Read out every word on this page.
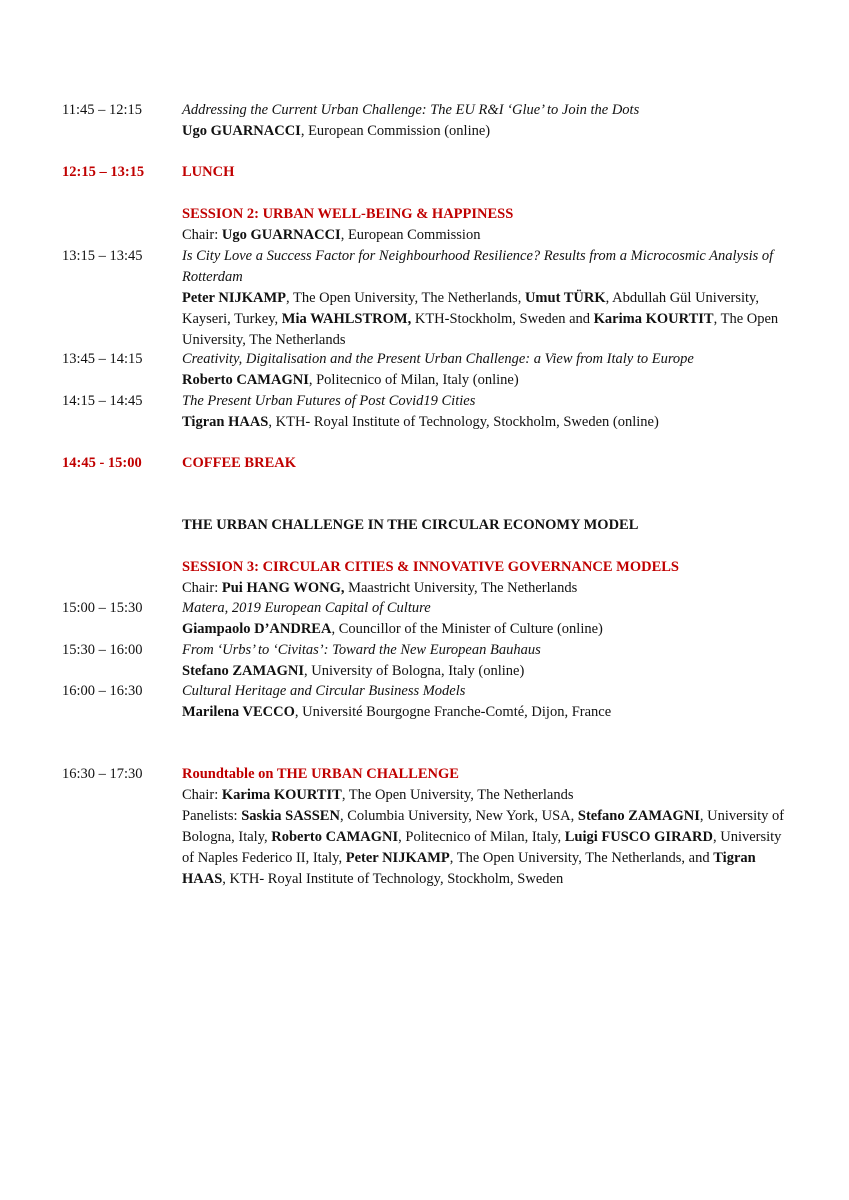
11:45 – 12:15	Addressing the Current Urban Challenge: The EU R&I ‘Glue’ to Join the Dots
Ugo GUARNACCI, European Commission (online)
12:15 – 13:15	LUNCH
SESSION 2: URBAN WELL-BEING & HAPPINESS
Chair: Ugo GUARNACCI, European Commission
13:15 – 13:45	Is City Love a Success Factor for Neighbourhood Resilience? Results from a Microcosmic Analysis of Rotterdam
Peter NIJKAMP, The Open University, The Netherlands, Umut TÜRK, Abdullah Gül University, Kayseri, Turkey, Mia WAHLSTROM, KTH-Stockholm, Sweden and Karima KOURTIT, The Open University, The Netherlands
13:45 – 14:15	Creativity, Digitalisation and the Present Urban Challenge: a View from Italy to Europe
Roberto CAMAGNI, Politecnico of Milan, Italy (online)
14:15 – 14:45	The Present Urban Futures of Post Covid19 Cities
Tigran HAAS, KTH- Royal Institute of Technology, Stockholm, Sweden (online)
14:45 - 15:00	COFFEE BREAK
THE URBAN CHALLENGE IN THE CIRCULAR ECONOMY MODEL
SESSION 3: CIRCULAR CITIES & INNOVATIVE GOVERNANCE MODELS
Chair: Pui HANG WONG, Maastricht University, The Netherlands
15:00 – 15:30	Matera, 2019 European Capital of Culture
Giampaolo D’ANDREA, Councillor of the Minister of Culture (online)
15:30 – 16:00	From ‘Urbs’ to ‘Civitas’: Toward the New European Bauhaus
Stefano ZAMAGNI, University of Bologna, Italy (online)
16:00 – 16:30	Cultural Heritage and Circular Business Models
Marilena VECCO, Université Bourgogne Franche-Comté, Dijon, France
16:30 – 17:30	Roundtable on THE URBAN CHALLENGE
Chair: Karima KOURTIT, The Open University, The Netherlands
Panelists: Saskia SASSEN, Columbia University, New York, USA, Stefano ZAMAGNI, University of Bologna, Italy, Roberto CAMAGNI, Politecnico of Milan, Italy, Luigi FUSCO GIRARD, University of Naples Federico II, Italy, Peter NIJKAMP, The Open University, The Netherlands, and Tigran HAAS, KTH- Royal Institute of Technology, Stockholm, Sweden
